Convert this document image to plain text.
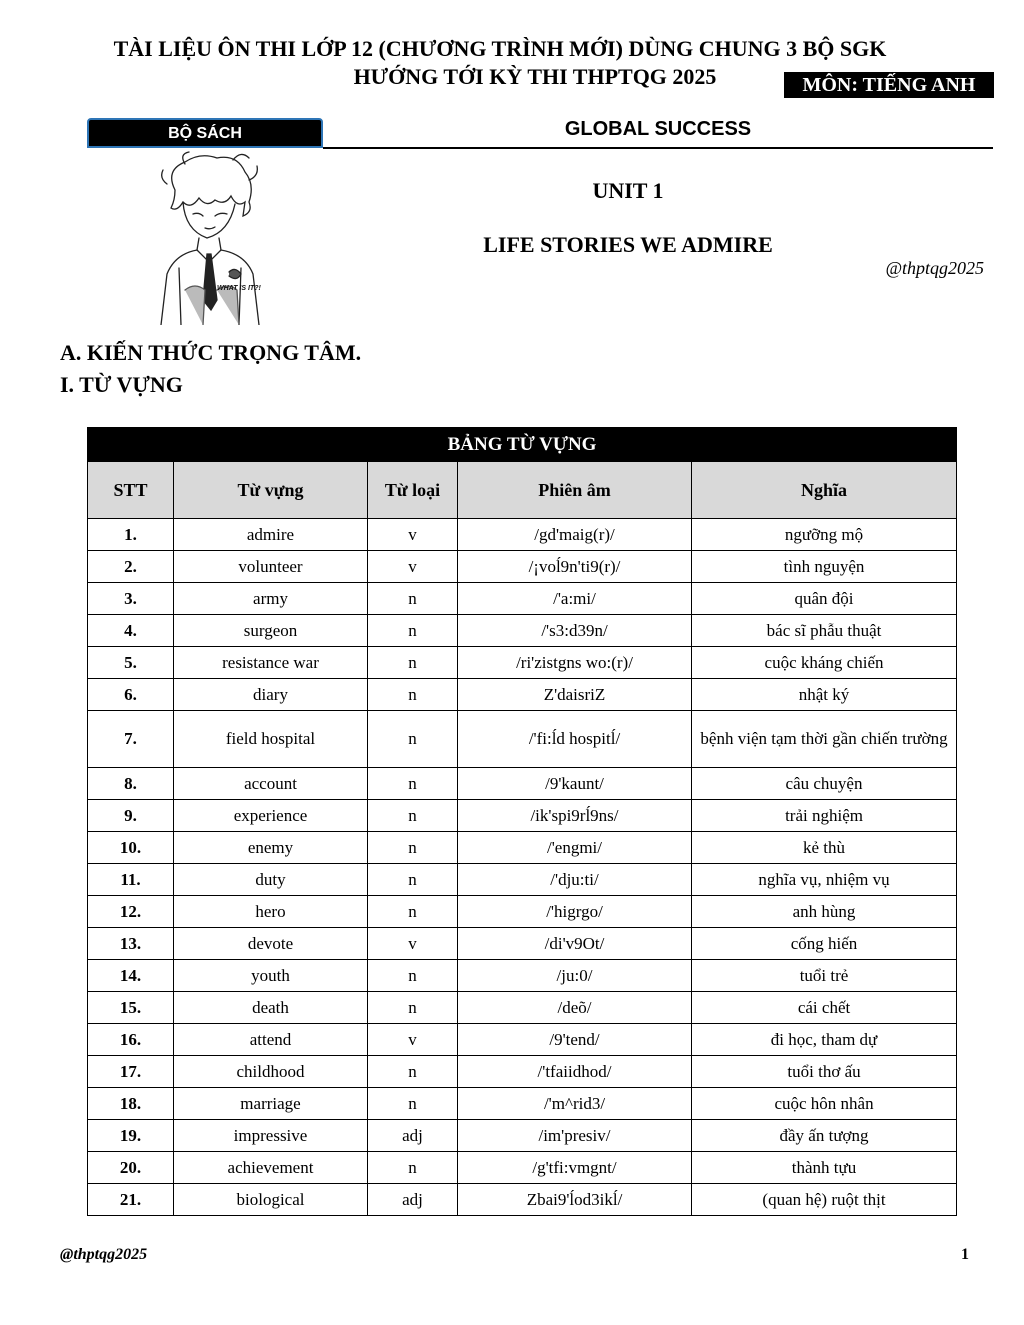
TÀI LIỆU ÔN THI LỚP 12 (CHƯƠNG TRÌNH MỚI) DÙNG CHUNG 3 BỘ SGK
HƯỚNG TỚI KỲ THI THPTQG 2025	MÔN: TIẾNG ANH
BỘ SÁCH	GLOBAL SUCCESS
WHAT IS IT?!
UNIT 1
LIFE STORIES WE ADMIRE
@thptqg2025
A. KIẾN THỨC TRỌNG TÂM.
I. TỪ VỰNG
BẢNG TỪ VỰNG				
STT	Từ vựng	Từ loại	Phiên âm	Nghĩa
1.	admire	v	/gd'maig(r)/	ngưỡng mộ
2.	volunteer	v	/¡voĺ9n'ti9(r)/	tình nguyện
3.	army	n	/'a:mi/	quân đội
4.	surgeon	n	/'s3:d39n/	bác sĩ phẫu thuật
5.	resistance war	n	/ri'zistgns wo:(r)/	cuộc kháng chiến
6.	diary	n	Z'daisriZ	nhật ký
7.	field hospital	n	/'fi:ĺd hospitĺ/	bệnh viện tạm thời gần chiến trường
8.	account	n	/9'kaunt/	câu chuyện
9.	experience	n	/ik'spi9rĺ9ns/	trải nghiệm
10.	enemy	n	/'engmi/	kẻ thù
11.	duty	n	/'dju:ti/	nghĩa vụ, nhiệm vụ
12.	hero	n	/'higrgo/	anh hùng
13.	devote	v	/di'v9Ot/	cống hiến
14.	youth	n	/ju:0/	tuổi trẻ
15.	death	n	/deõ/	cái chết
16.	attend	v	/9'tend/	đi học, tham dự
17.	childhood	n	/'tfaiidhod/	tuổi thơ ấu
18.	marriage	n	/'m^rid3/	cuộc hôn nhân
19.	impressive	adj	/im'presiv/	đầy ấn tượng
20.	achievement	n	/g'tfi:vmgnt/	thành tựu
21.	biological	adj	Zbai9'ĺod3ikĺ/	(quan hệ) ruột thịt
@thptqg2025	1
